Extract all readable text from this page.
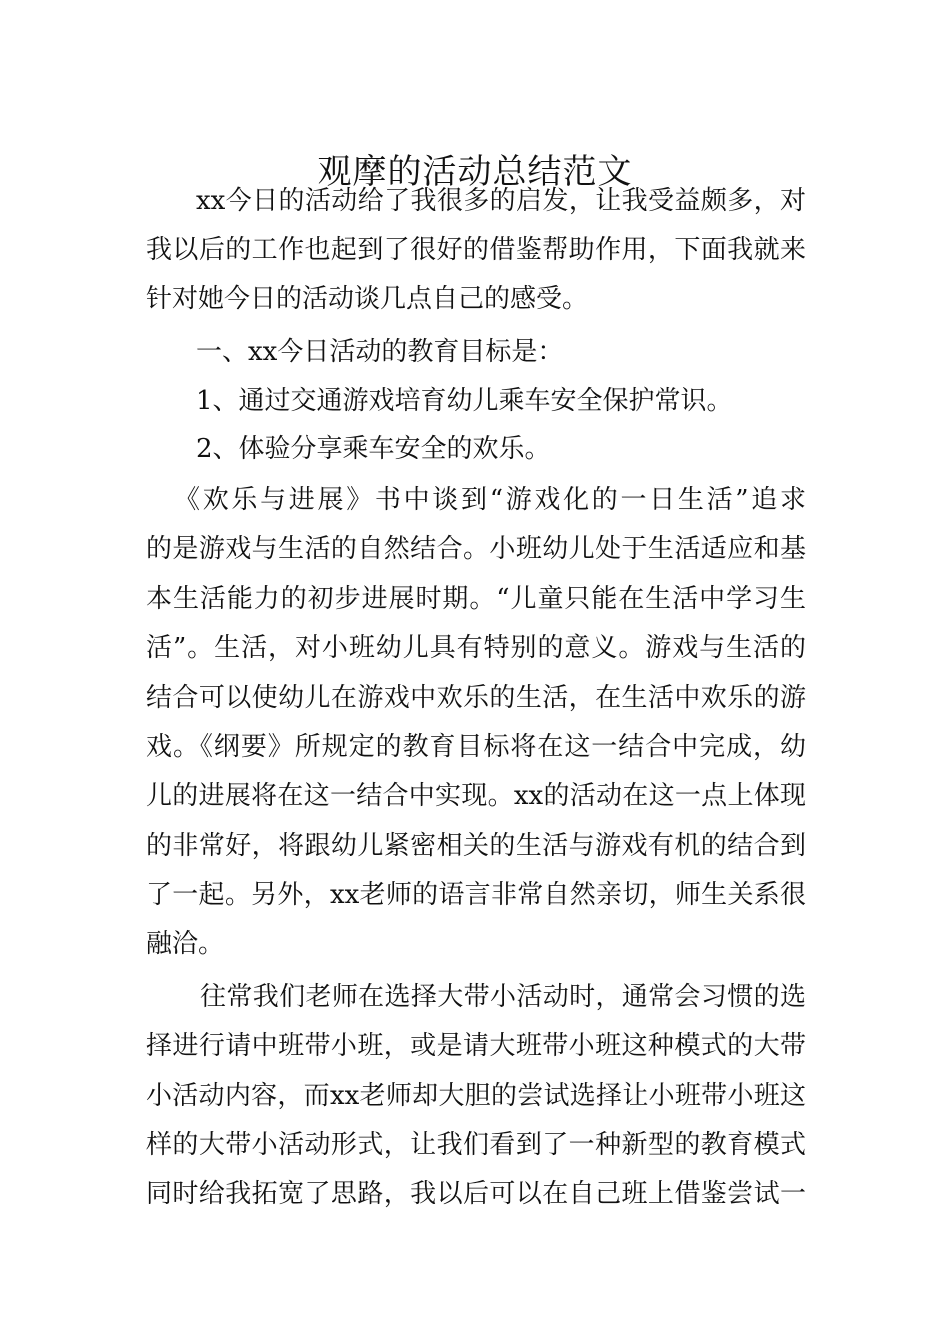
观摩的活动总结范文

xx今日的活动给了我很多的启发，让我受益颇多，对

我以后的工作也起到了很好的借鉴帮助作用，下面我就来

针对她今日的活动谈几点自己的感受。

一、xx今日活动的教育目标是：

1、通过交通游戏培育幼儿乘车安全保护常识。

2、体验分享乘车安全的欢乐。

《欢乐与进展》书中谈到“游戏化的一日生活”追求

的是游戏与生活的自然结合。小班幼儿处于生活适应和基

本生活能力的初步进展时期。“儿童只能在生活中学习生

活”。生活，对小班幼儿具有特别的意义。游戏与生活的

结合可以使幼儿在游戏中欢乐的生活，在生活中欢乐的游

戏。《纲要》所规定的教育目标将在这一结合中完成，幼

儿的进展将在这一结合中实现。xx的活动在这一点上体现

的非常好，将跟幼儿紧密相关的生活与游戏有机的结合到

了一起。另外，xx老师的语言非常自然亲切，师生关系很

融洽。

往常我们老师在选择大带小活动时，通常会习惯的选

择进行请中班带小班，或是请大班带小班这种模式的大带

小活动内容，而xx老师却大胆的尝试选择让小班带小班这

样的大带小活动形式，让我们看到了一种新型的教育模式

同时给我拓宽了思路，我以后可以在自己班上借鉴尝试一
